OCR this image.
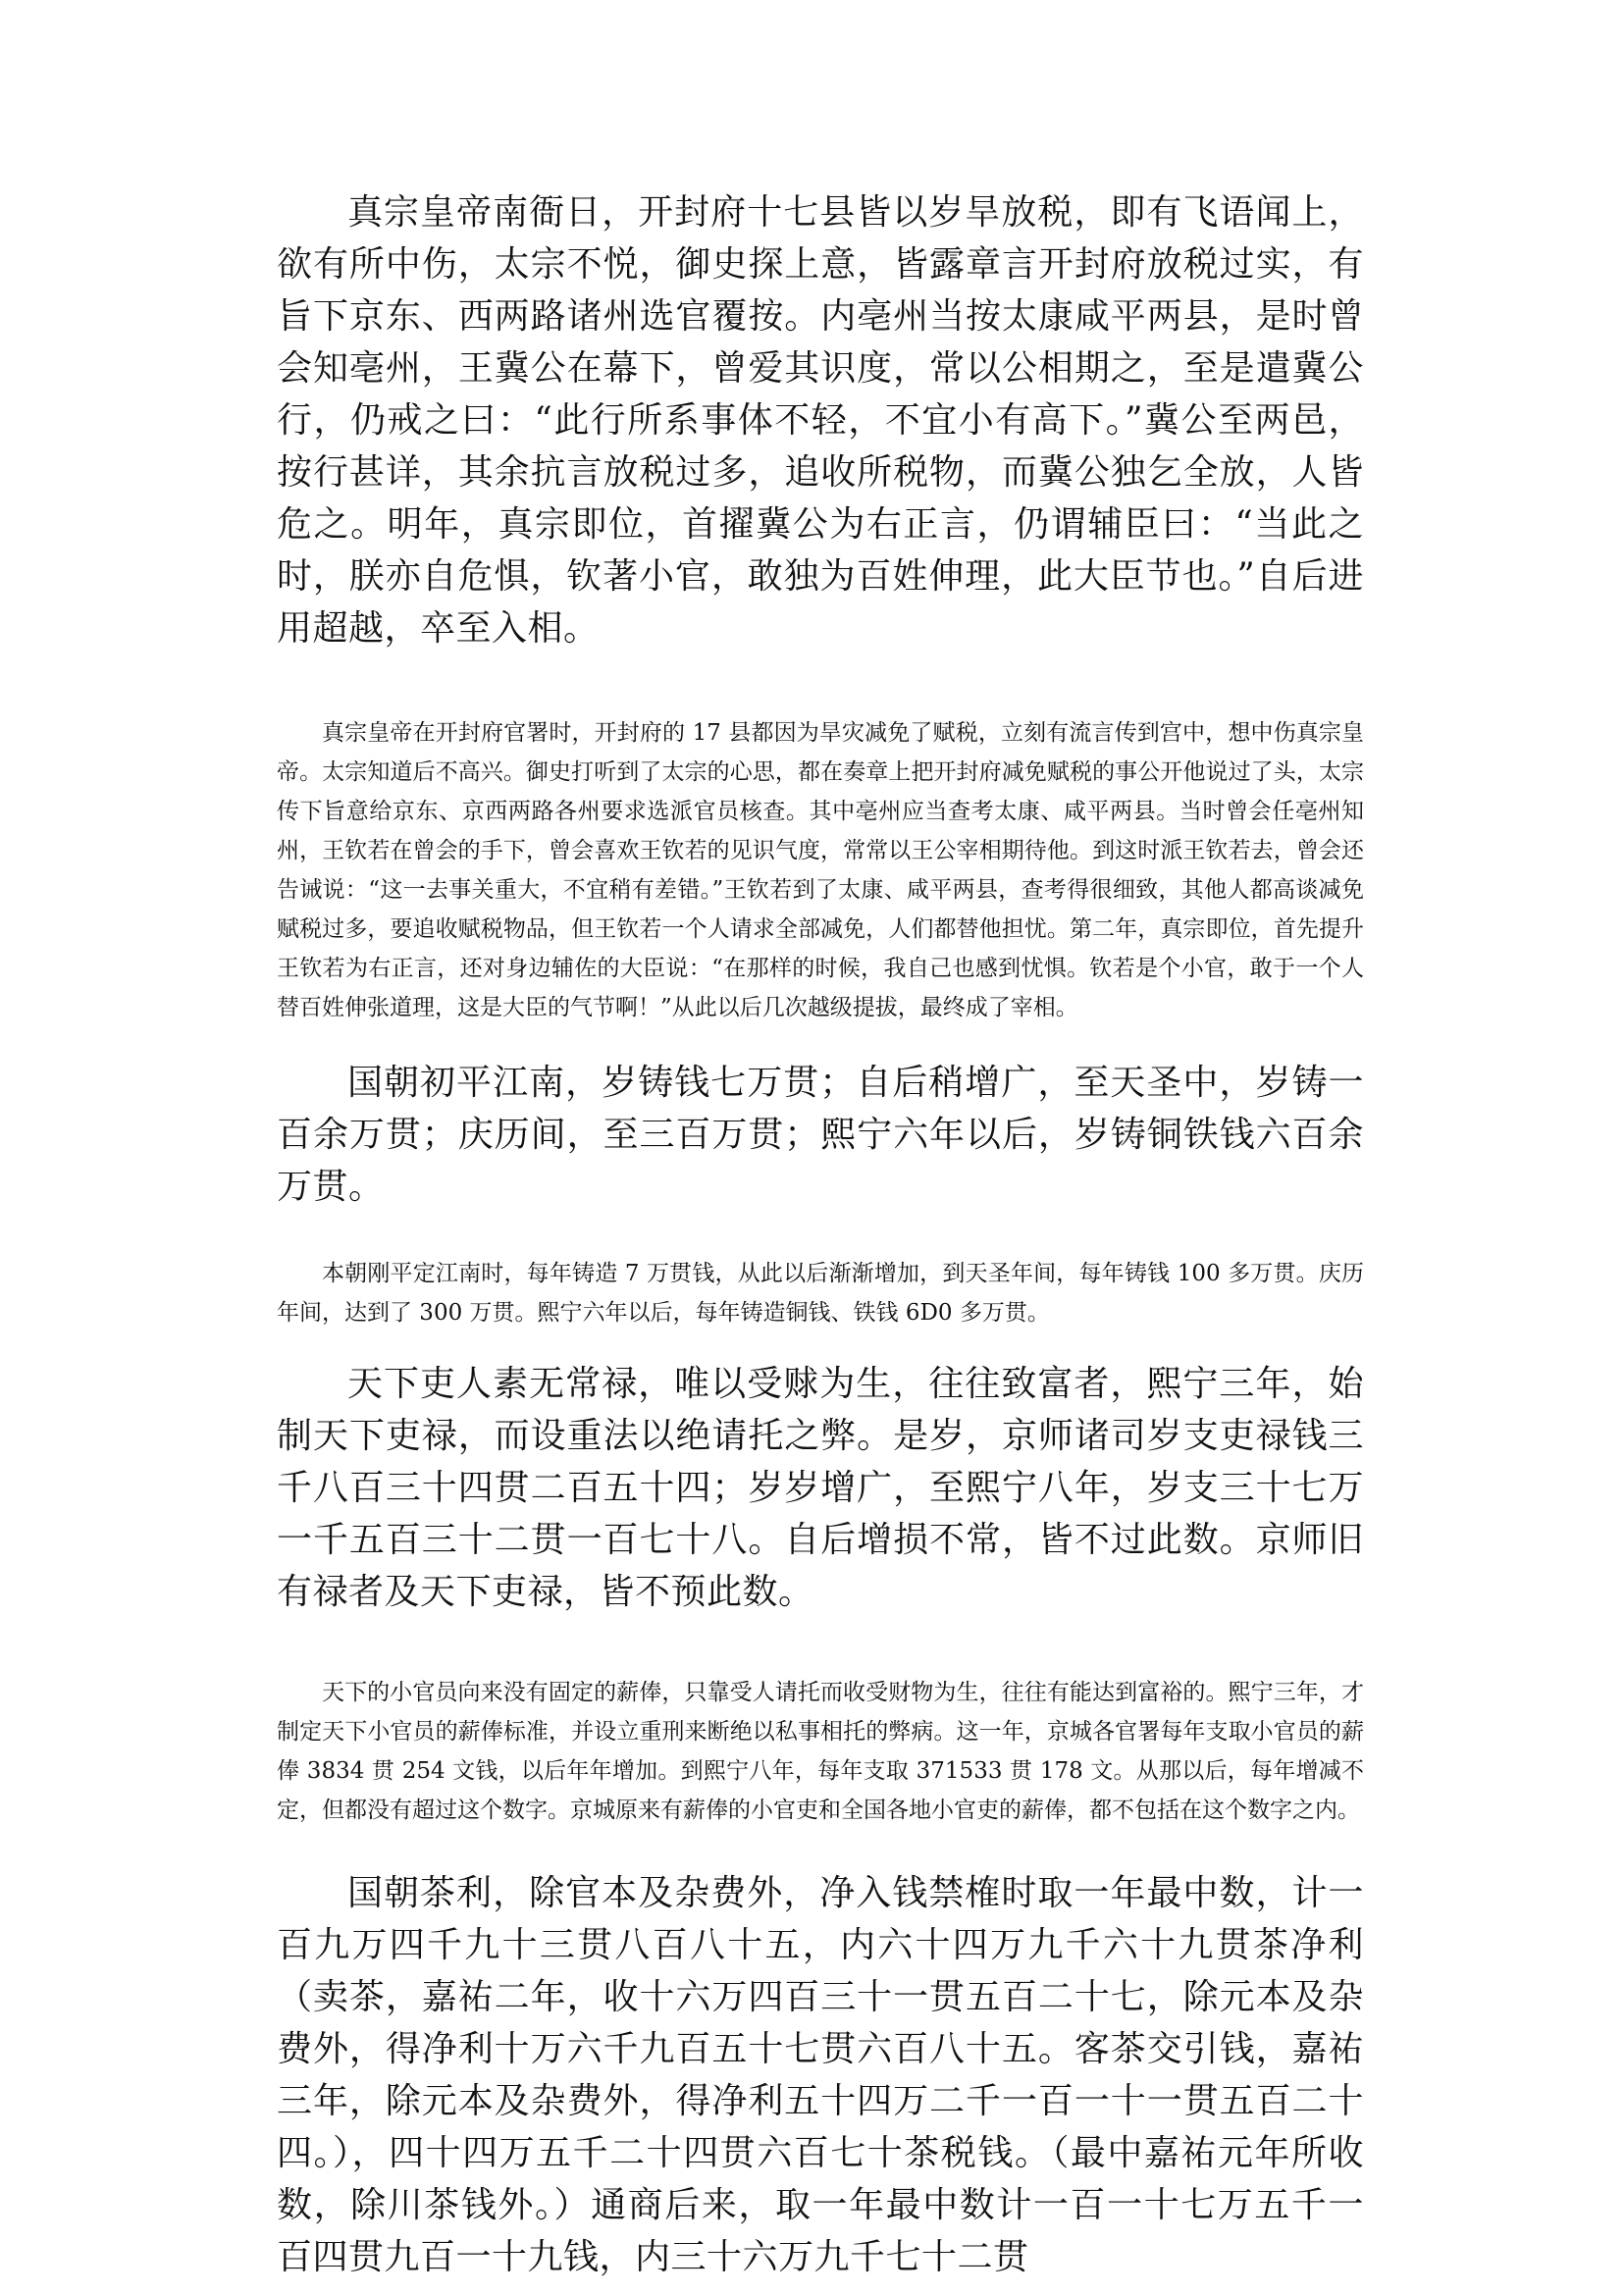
真宗皇帝南衙日，开封府十七县皆以岁旱放税，即有飞语闻上，欲有所中伤，太宗不悦，御史探上意，皆露章言开封府放税过实，有旨下京东、西两路诸州选官覆按。内亳州当按太康咸平两县，是时曾会知亳州，王冀公在幕下，曾爱其识度，常以公相期之，至是遣冀公行，仍戒之曰：“此行所系事体不轻，不宜小有高下。”冀公至两邑，按行甚详，其余抗言放税过多，追收所税物，而冀公独乞全放，人皆危之。明年，真宗即位，首擢冀公为右正言，仍谓辅臣曰：“当此之时，朕亦自危惧，钦著小官，敢独为百姓伸理，此大臣节也。”自后进用超越，卒至入相。

真宗皇帝在开封府官署时，开封府的 17 县都因为旱灾减免了赋税，立刻有流言传到宫中，想中伤真宗皇帝。太宗知道后不高兴。御史打听到了太宗的心思，都在奏章上把开封府减免赋税的事公开他说过了头，太宗传下旨意给京东、京西两路各州要求选派官员核查。其中亳州应当查考太康、咸平两县。当时曾会任亳州知州，王钦若在曾会的手下，曾会喜欢王钦若的见识气度，常常以王公宰相期待他。到这时派王钦若去，曾会还告诫说：“这一去事关重大，不宜稍有差错。”王钦若到了太康、咸平两县，查考得很细致，其他人都高谈减免赋税过多，要追收赋税物品，但王钦若一个人请求全部减免，人们都替他担忧。第二年，真宗即位，首先提升王钦若为右正言，还对身边辅佐的大臣说：“在那样的时候，我自己也感到忧惧。钦若是个小官，敢于一个人替百姓伸张道理，这是大臣的气节啊！”从此以后几次越级提拔，最终成了宰相。

国朝初平江南，岁铸钱七万贯；自后稍增广，至天圣中，岁铸一百余万贯；庆历间，至三百万贯；熙宁六年以后，岁铸铜铁钱六百余万贯。

本朝刚平定江南时，每年铸造 7 万贯钱，从此以后渐渐增加，到天圣年间，每年铸钱 100 多万贯。庆历年间，达到了 300 万贯。熙宁六年以后，每年铸造铜钱、铁钱 6D0 多万贯。

天下吏人素无常禄，唯以受赇为生，往往致富者，熙宁三年，始制天下吏禄，而设重法以绝请托之弊。是岁，京师诸司岁支吏禄钱三千八百三十四贯二百五十四；岁岁增广，至熙宁八年，岁支三十七万一千五百三十二贯一百七十八。自后增损不常，皆不过此数。京师旧有禄者及天下吏禄，皆不预此数。

天下的小官员向来没有固定的薪俸，只靠受人请托而收受财物为生，往往有能达到富裕的。熙宁三年，才制定天下小官员的薪俸标准，并设立重刑来断绝以私事相托的弊病。这一年，京城各官署每年支取小官员的薪俸 3834 贯 254 文钱，以后年年增加。到熙宁八年，每年支取 371533 贯 178 文。从那以后，每年增减不定，但都没有超过这个数字。京城原来有薪俸的小官吏和全国各地小官吏的薪俸，都不包括在这个数字之内。

国朝茶利，除官本及杂费外，净入钱禁榷时取一年最中数，计一百九万四千九十三贯八百八十五，内六十四万九千六十九贯茶净利（卖茶，嘉祐二年，收十六万四百三十一贯五百二十七，除元本及杂费外，得净利十万六千九百五十七贯六百八十五。客茶交引钱，嘉祐三年，除元本及杂费外，得净利五十四万二千一百一十一贯五百二十四。），四十四万五千二十四贯六百七十茶税钱。（最中嘉祐元年所收数，除川茶钱外。）通商后来，取一年最中数计一百一十七万五千一百四贯九百一十九钱，内三十六万九千七十二贯
